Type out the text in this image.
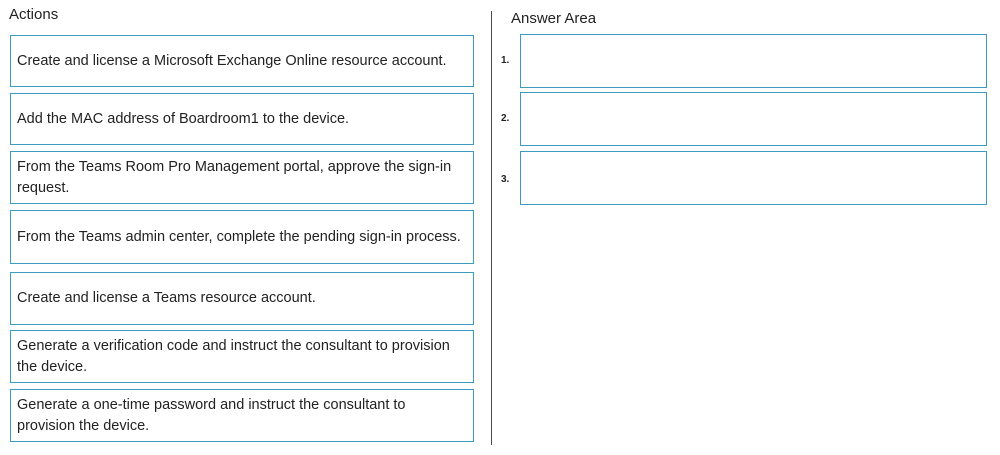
Actions	Answer Area
Create and license a Microsoft Exchange Online resource account.
Add the MAC address of Boardroom1 to the device.
From the Teams Room Pro Management portal, approve the sign-in request.
From the Teams admin center, complete the pending sign-in process.
Create and license a Teams resource account.
Generate a verification code and instruct the consultant to provision the device.
Generate a one-time password and instruct the consultant to provision the device.
1.
2.
3.
